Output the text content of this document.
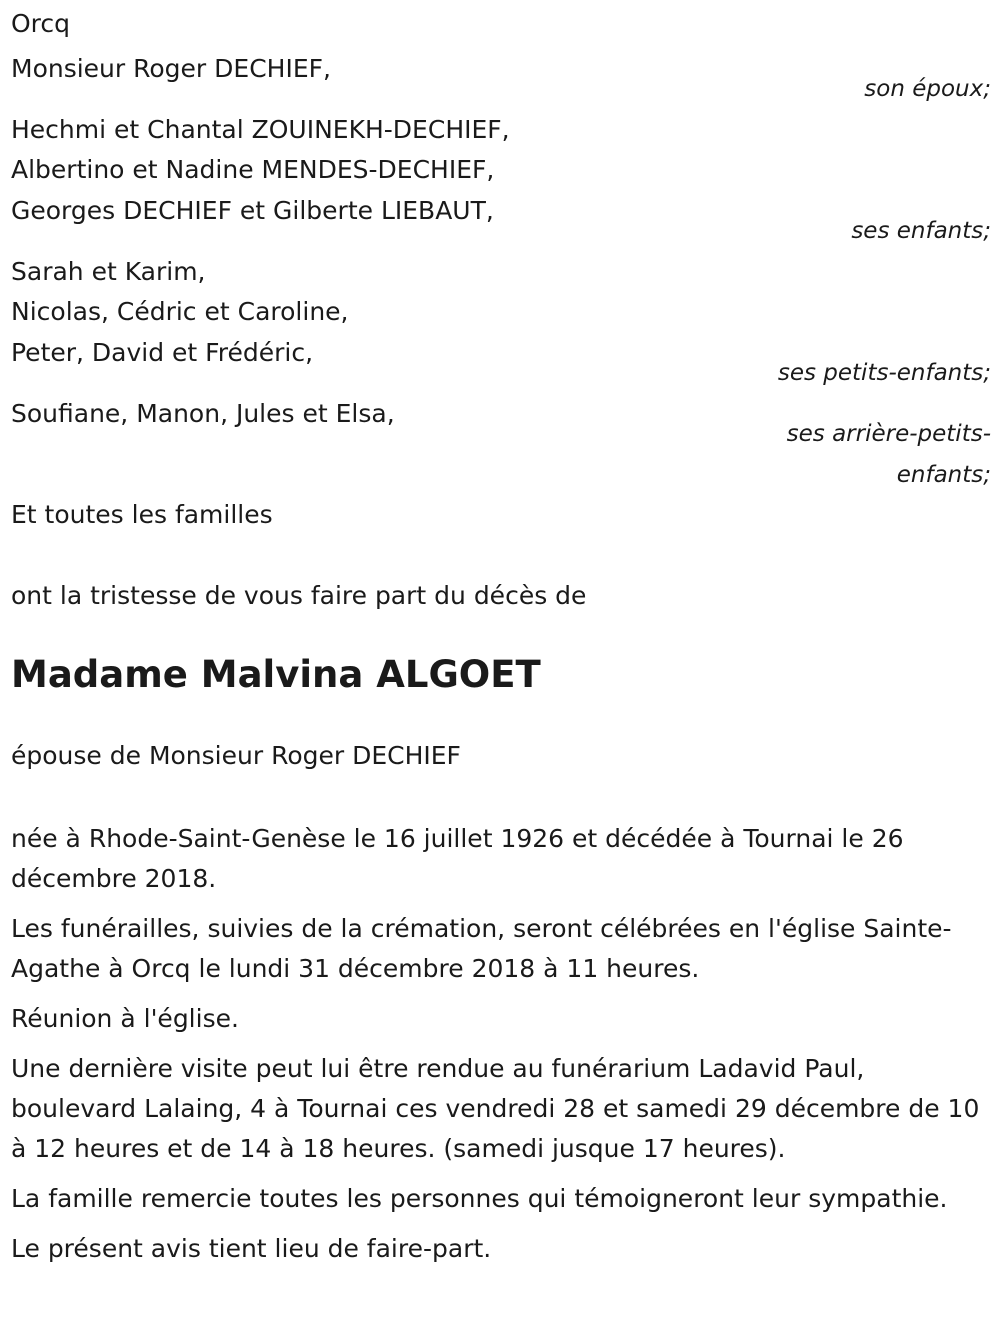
Orcq
Monsieur Roger DECHIEF,
son époux;
Hechmi et Chantal ZOUINEKH-DECHIEF,
Albertino et Nadine MENDES-DECHIEF,
Georges DECHIEF et Gilberte LIEBAUT,
ses enfants;
Sarah et Karim,
Nicolas, Cédric et Caroline,
Peter, David et Frédéric,
ses petits-enfants;
Soufiane, Manon, Jules et Elsa,
ses arrière-petits-
enfants;
Et toutes les familles
ont la tristesse de vous faire part du décès de
Madame Malvina ALGOET
épouse de Monsieur Roger DECHIEF
née à Rhode-Saint-Genèse le 16 juillet 1926 et décédée à Tournai le 26 décembre 2018.
Les funérailles, suivies de la crémation, seront célébrées en l'église Sainte-Agathe à Orcq le lundi 31 décembre 2018 à 11 heures.
Réunion à l'église.
Une dernière visite peut lui être rendue au funérarium Ladavid Paul, boulevard Lalaing, 4 à Tournai ces vendredi 28 et samedi 29 décembre de 10 à 12 heures et de 14 à 18 heures. (samedi jusque 17 heures).
La famille remercie toutes les personnes qui témoigneront leur sympathie.
Le présent avis tient lieu de faire-part.
